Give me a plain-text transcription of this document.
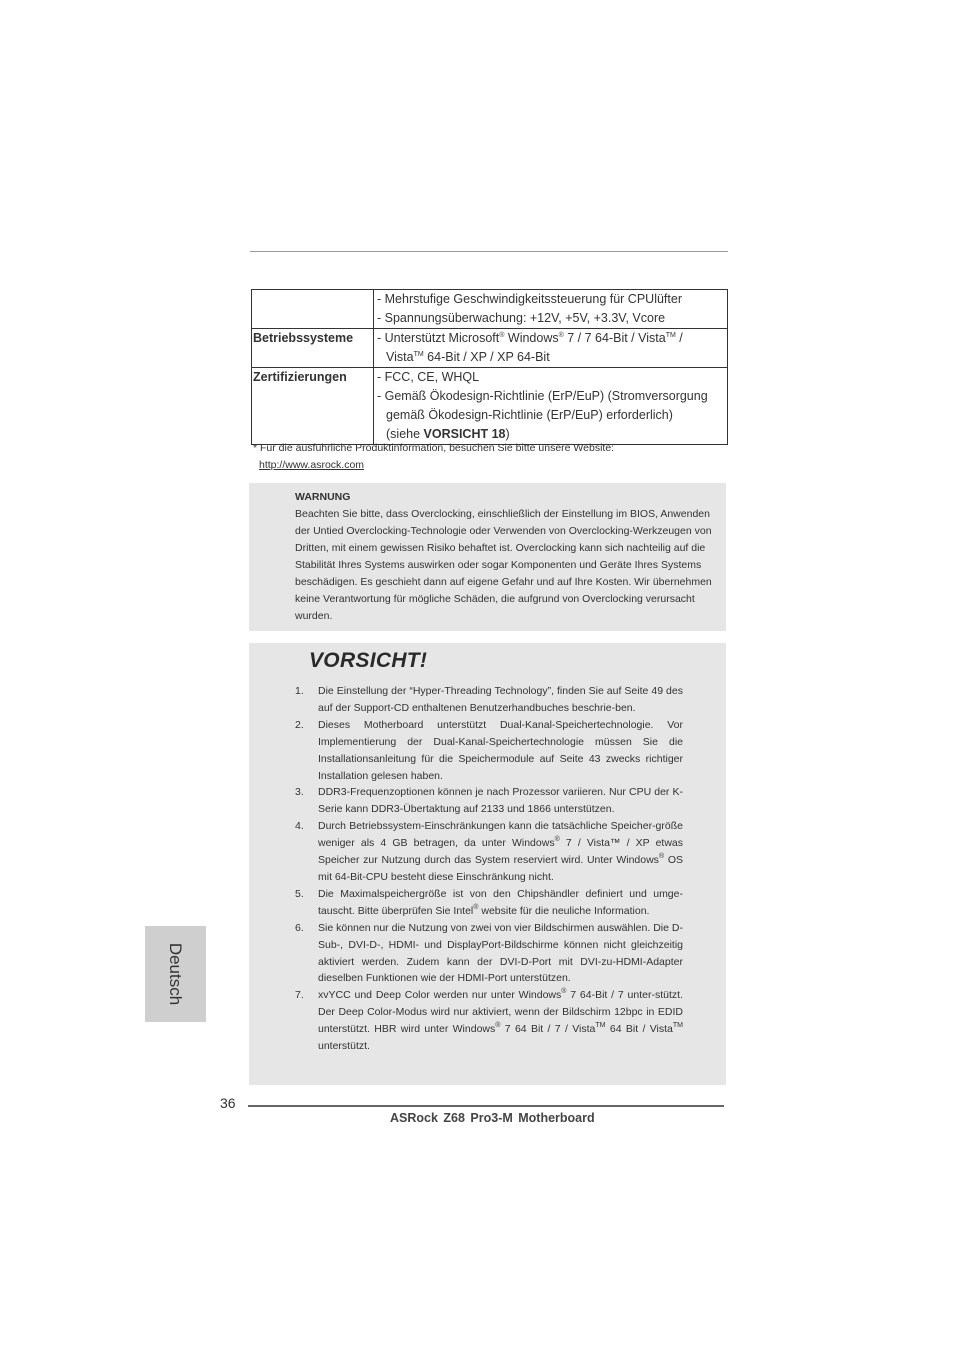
	- Mehrstufige Geschwindigkeitssteuerung für CPUlüfter
- Spannungsüberwachung: +12V, +5V, +3.3V, Vcore

Betriebssysteme	- Unterstützt Microsoft® Windows® 7 / 7 64-Bit / Vista™ /
Vista™ 64-Bit / XP / XP 64-Bit

Zertifizierungen	- FCC, CE, WHQL
- Gemäß Ökodesign-Richtlinie (ErP/EuP) (Stromversorgung
gemäß Ökodesign-Richtlinie (ErP/EuP) erforderlich)
(siehe VORSICHT 18)
* Für die ausführliche Produktinformation, besuchen Sie bitte unsere Website:
http://www.asrock.com
WARNUNG
Beachten Sie bitte, dass Overclocking, einschließlich der Einstellung im BIOS, Anwenden der Untied Overclocking-Technologie oder Verwenden von Overclocking-Werkzeugen von Dritten, mit einem gewissen Risiko behaftet ist. Overclocking kann sich nachteilig auf die Stabilität Ihres Systems auswirken oder sogar Komponenten und Geräte Ihres Systems beschädigen. Es geschieht dann auf eigene Gefahr und auf Ihre Kosten. Wir übernehmen keine Verantwortung für mögliche Schäden, die aufgrund von Overclocking verursacht wurden.
VORSICHT!
1. Die Einstellung der “Hyper-Threading Technology”, finden Sie auf Seite 49 des auf der Support-CD enthaltenen Benutzerhandbuches beschrie-ben.
2. Dieses Motherboard unterstützt Dual-Kanal-Speichertechnologie. Vor Implementierung der Dual-Kanal-Speichertechnologie müssen Sie die Installationsanleitung für die Speichermodule auf Seite 43 zwecks richtiger Installation gelesen haben.
3. DDR3-Frequenzoptionen können je nach Prozessor variieren. Nur CPU der K-Serie kann DDR3-Übertaktung auf 2133 und 1866 unterstützen.
4. Durch Betriebssystem-Einschränkungen kann die tatsächliche Speicher-größe weniger als 4 GB betragen, da unter Windows® 7 / Vista™ / XP etwas Speicher zur Nutzung durch das System reserviert wird. Unter Windows® OS mit 64-Bit-CPU besteht diese Einschränkung nicht.
5. Die Maximalspeichergröße ist von den Chipshändler definiert und umge-tauscht. Bitte überprüfen Sie Intel® website für die neuliche Information.
6. Sie können nur die Nutzung von zwei von vier Bildschirmen auswählen. Die D-Sub-, DVI-D-, HDMI- und DisplayPort-Bildschirme können nicht gleichzeitig aktiviert werden. Zudem kann der DVI-D-Port mit DVI-zu-HDMI-Adapter dieselben Funktionen wie der HDMI-Port unterstützen.
7. xvYCC und Deep Color werden nur unter Windows® 7 64-Bit / 7 unter-stützt. Der Deep Color-Modus wird nur aktiviert, wenn der Bildschirm 12bpc in EDID unterstützt. HBR wird unter Windows® 7 64 Bit / 7 / Vista™ 64 Bit / Vista™ unterstützt.
Deutsch
36
ASRock Z68 Pro3-M Motherboard
